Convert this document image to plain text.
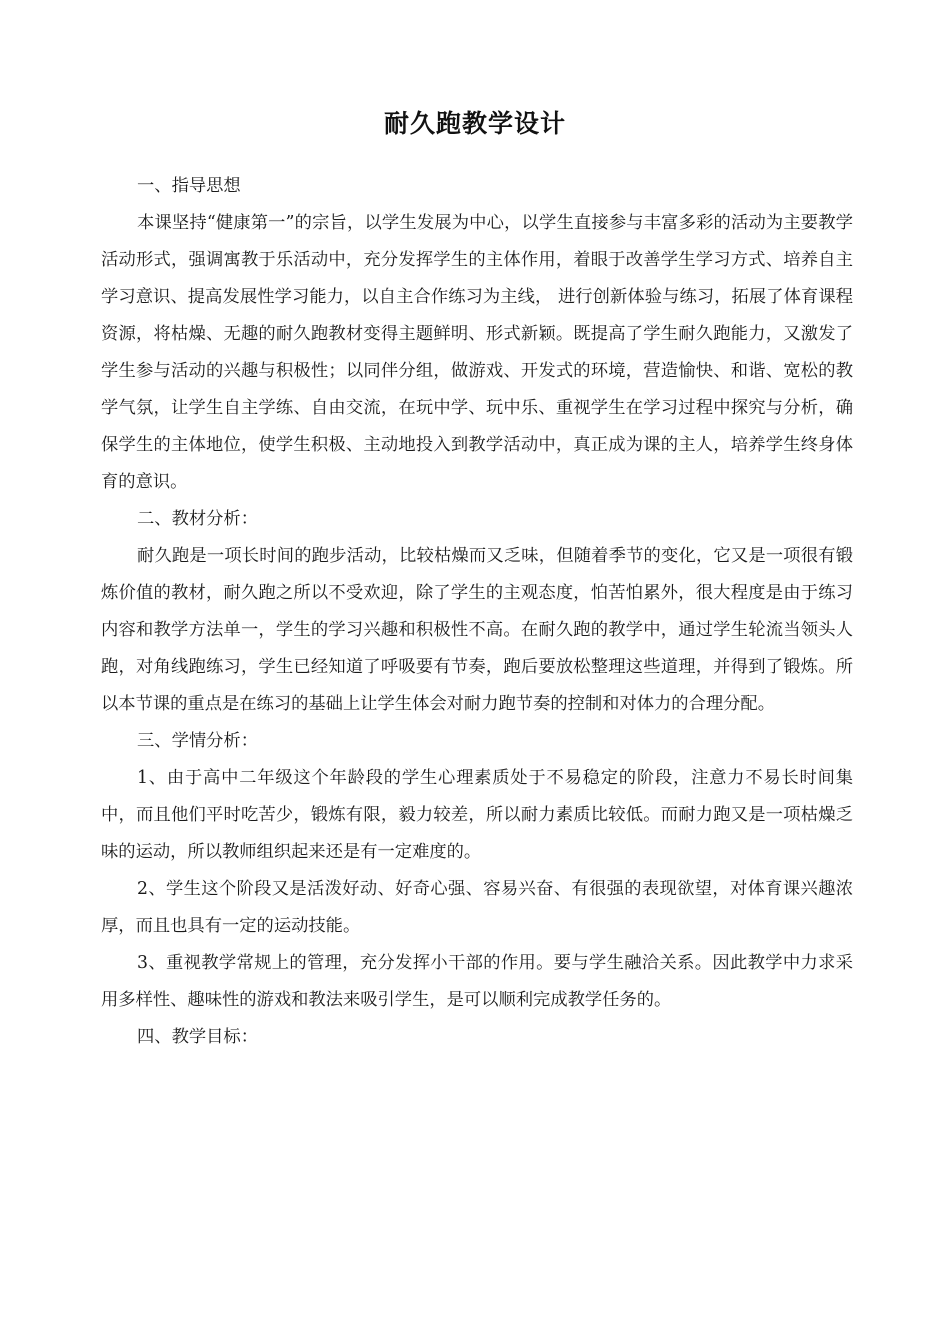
耐久跑教学设计

一、指导思想

本课坚持“健康第一”的宗旨，以学生发展为中心，以学生直接参与丰富多彩的活动为主要教学活动形式，强调寓教于乐活动中，充分发挥学生的主体作用，着眼于改善学生学习方式、培养自主学习意识、提高发展性学习能力，以自主合作练习为主线， 进行创新体验与练习，拓展了体育课程资源，将枯燥、无趣的耐久跑教材变得主题鲜明、形式新颖。既提高了学生耐久跑能力，又激发了学生参与活动的兴趣与积极性；以同伴分组，做游戏、开发式的环境，营造愉快、和谐、宽松的教学气氛，让学生自主学练、自由交流，在玩中学、玩中乐、重视学生在学习过程中探究与分析，确保学生的主体地位，使学生积极、主动地投入到教学活动中，真正成为课的主人，培养学生终身体育的意识。

二、教材分析：

耐久跑是一项长时间的跑步活动，比较枯燥而又乏味，但随着季节的变化，它又是一项很有锻炼价值的教材，耐久跑之所以不受欢迎，除了学生的主观态度，怕苦怕累外，很大程度是由于练习内容和教学方法单一，学生的学习兴趣和积极性不高。在耐久跑的教学中，通过学生轮流当领头人跑，对角线跑练习，学生已经知道了呼吸要有节奏，跑后要放松整理这些道理，并得到了锻炼。所以本节课的重点是在练习的基础上让学生体会对耐力跑节奏的控制和对体力的合理分配。

三、学情分析：

1、由于高中二年级这个年龄段的学生心理素质处于不易稳定的阶段，注意力不易长时间集中，而且他们平时吃苦少，锻炼有限，毅力较差，所以耐力素质比较低。而耐力跑又是一项枯燥乏味的运动，所以教师组织起来还是有一定难度的。

2、学生这个阶段又是活泼好动、好奇心强、容易兴奋、有很强的表现欲望，对体育课兴趣浓厚，而且也具有一定的运动技能。

3、重视教学常规上的管理，充分发挥小干部的作用。要与学生融洽关系。因此教学中力求采用多样性、趣味性的游戏和教法来吸引学生，是可以顺利完成教学任务的。

四、教学目标：
